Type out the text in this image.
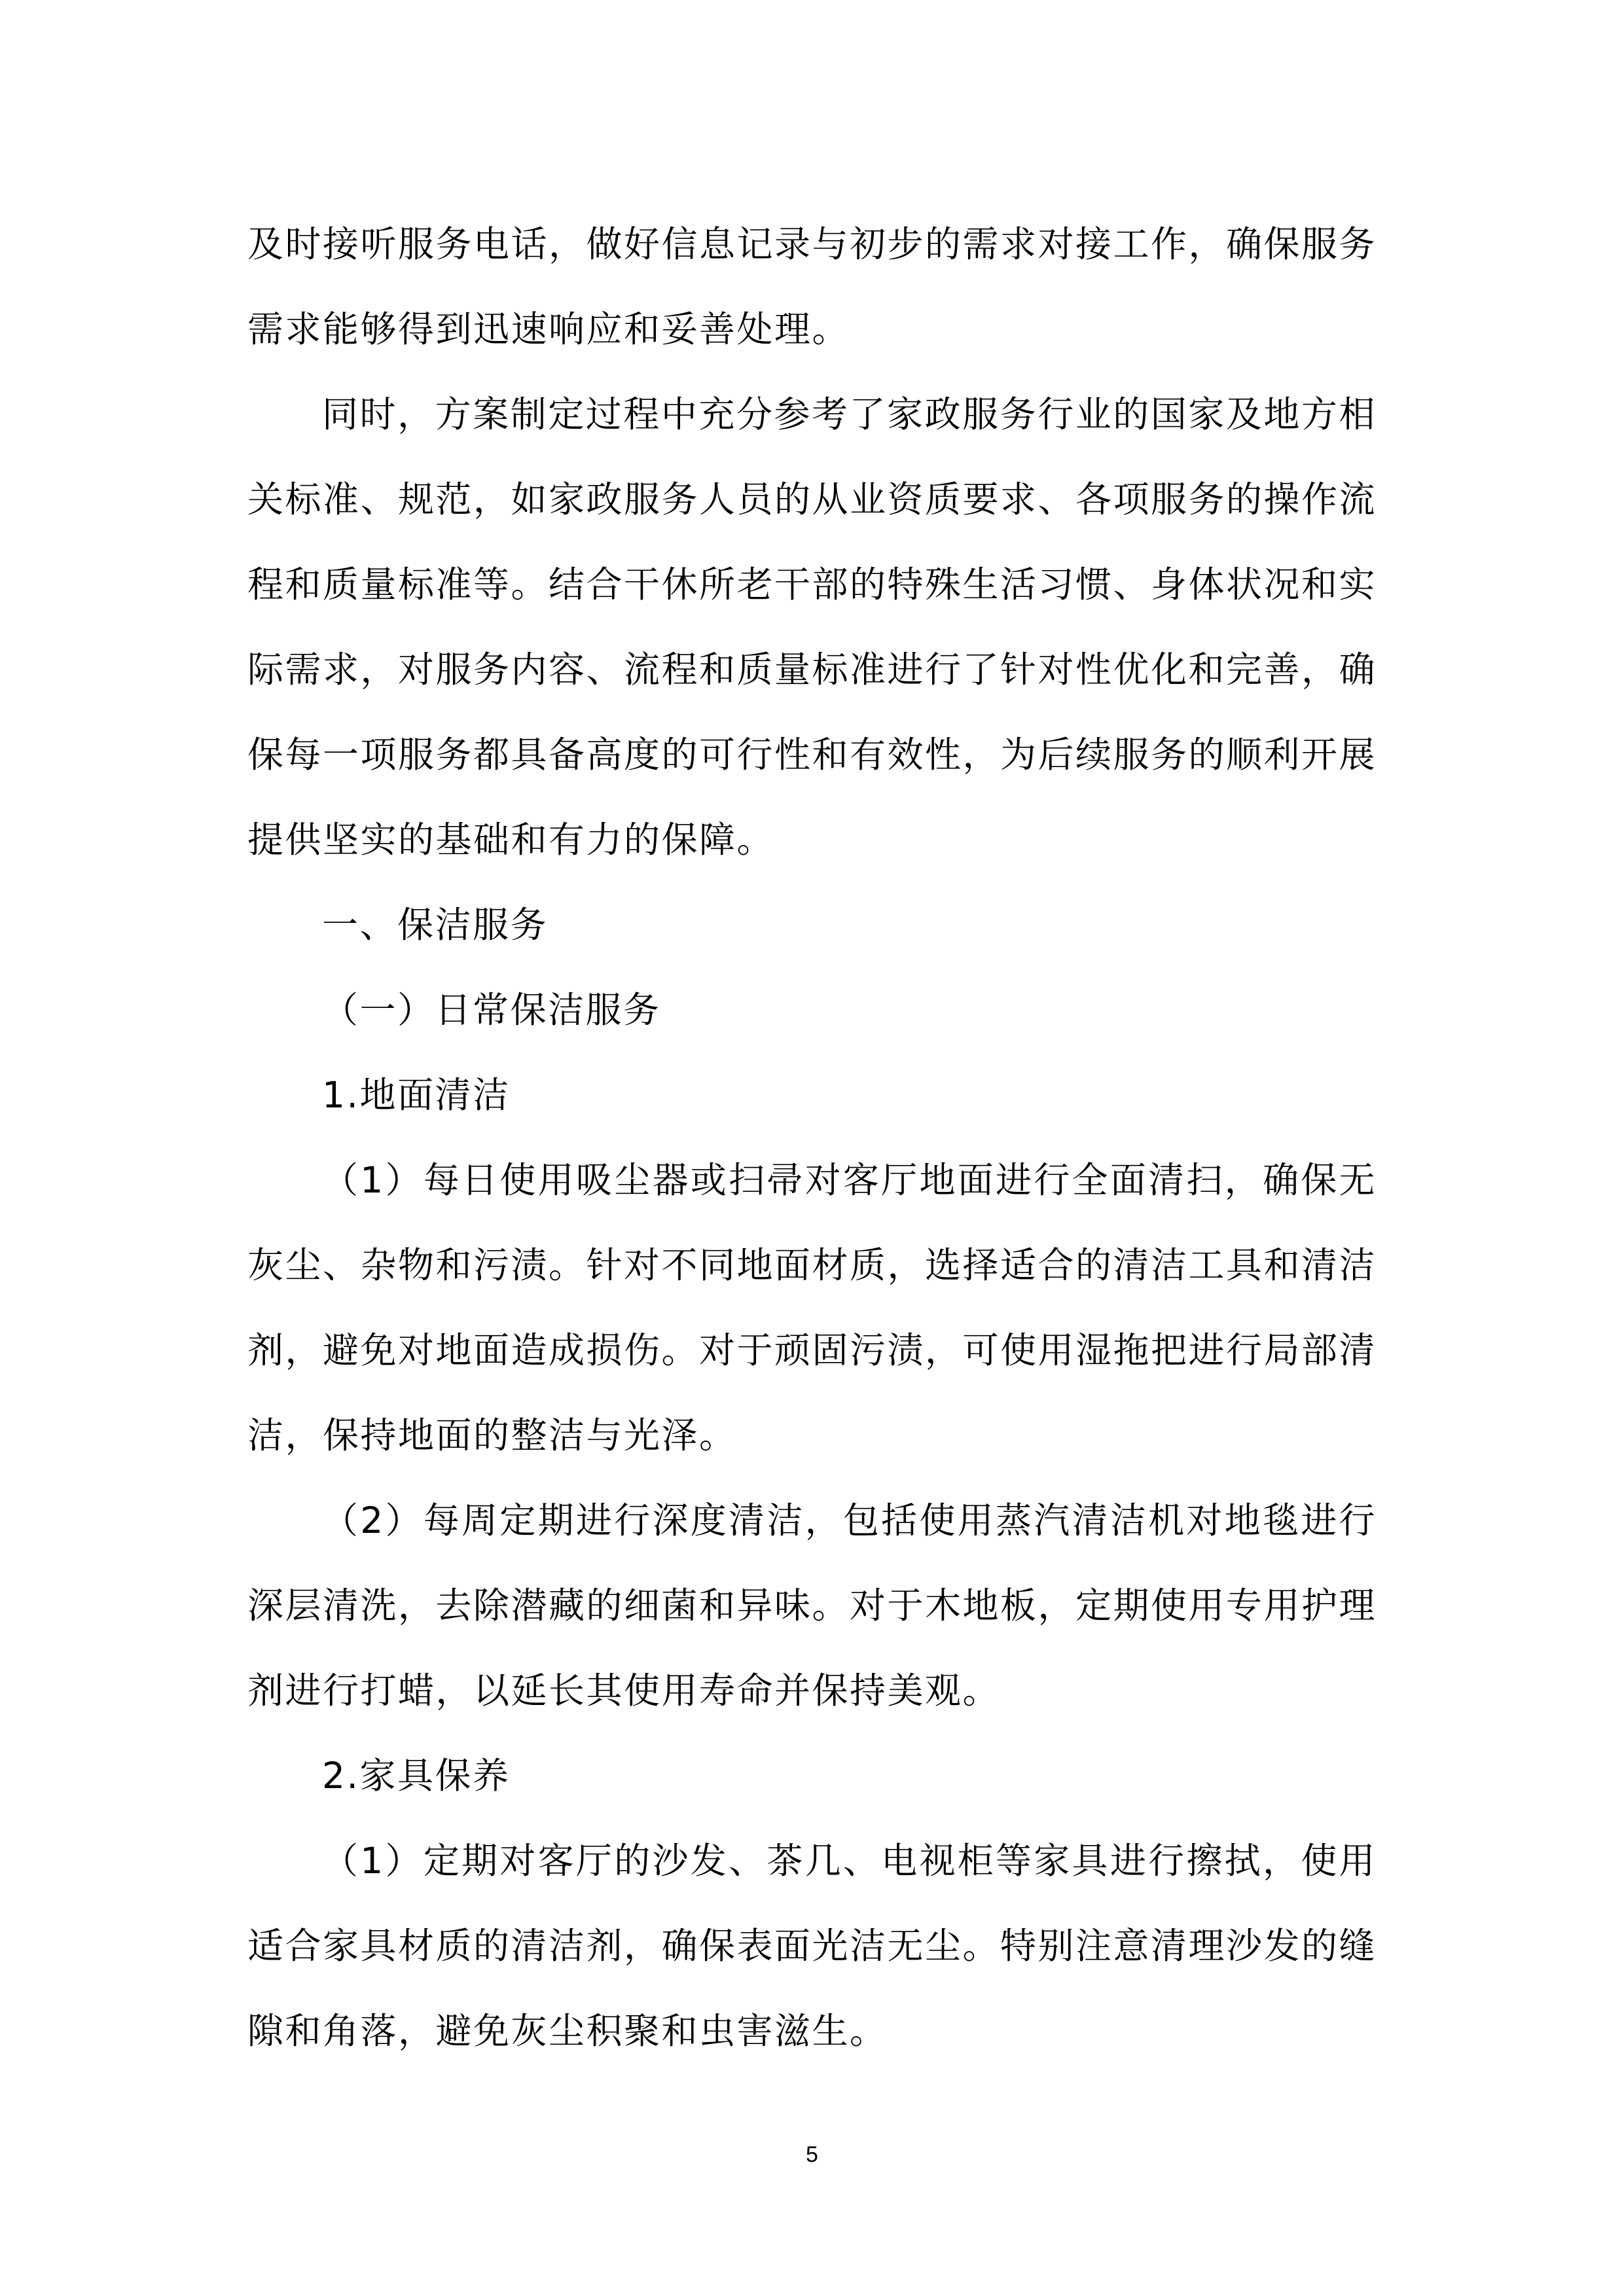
及时接听服务电话，做好信息记录与初步的需求对接工作，确保服务需求能够得到迅速响应和妥善处理。

同时，方案制定过程中充分参考了家政服务行业的国家及地方相关标准、规范，如家政服务人员的从业资质要求、各项服务的操作流程和质量标准等。结合干休所老干部的特殊生活习惯、身体状况和实际需求，对服务内容、流程和质量标准进行了针对性优化和完善，确保每一项服务都具备高度的可行性和有效性，为后续服务的顺利开展提供坚实的基础和有力的保障。

一、保洁服务

（一）日常保洁服务

1.地面清洁

（1）每日使用吸尘器或扫帚对客厅地面进行全面清扫，确保无灰尘、杂物和污渍。针对不同地面材质，选择适合的清洁工具和清洁剂，避免对地面造成损伤。对于顽固污渍，可使用湿拖把进行局部清洁，保持地面的整洁与光泽。

（2）每周定期进行深度清洁，包括使用蒸汽清洁机对地毯进行深层清洗，去除潜藏的细菌和异味。对于木地板，定期使用专用护理剂进行打蜡，以延长其使用寿命并保持美观。

2.家具保养

（1）定期对客厅的沙发、茶几、电视柜等家具进行擦拭，使用适合家具材质的清洁剂，确保表面光洁无尘。特别注意清理沙发的缝隙和角落，避免灰尘积聚和虫害滋生。

5
